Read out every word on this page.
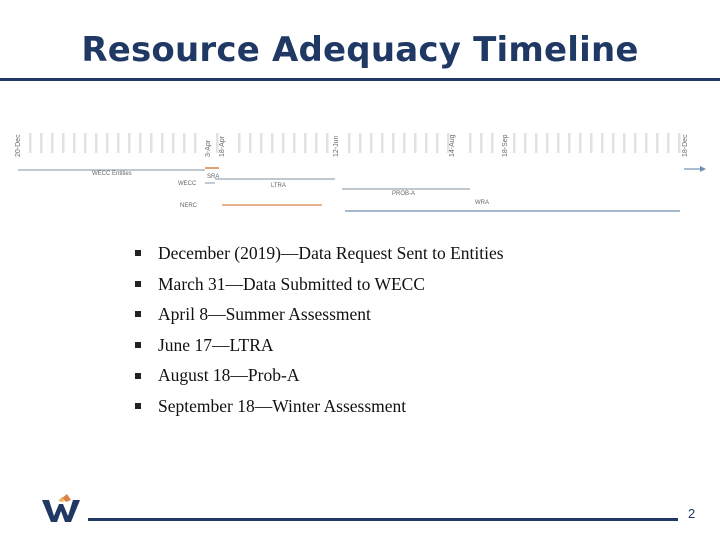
Resource Adequacy Timeline
20-Dec	3-Apr 18-Apr	12-Jun	14-Aug	18-Sep	18-Dec
WECC Entities	SRA
WECC	LTRA
NERC
PROB-A
WRA
December (2019)—Data Request Sent to Entities
March 31—Data Submitted to WECC
April 8—Summer Assessment
June 17—LTRA
August 18—Prob-A
September 18—Winter Assessment
2
